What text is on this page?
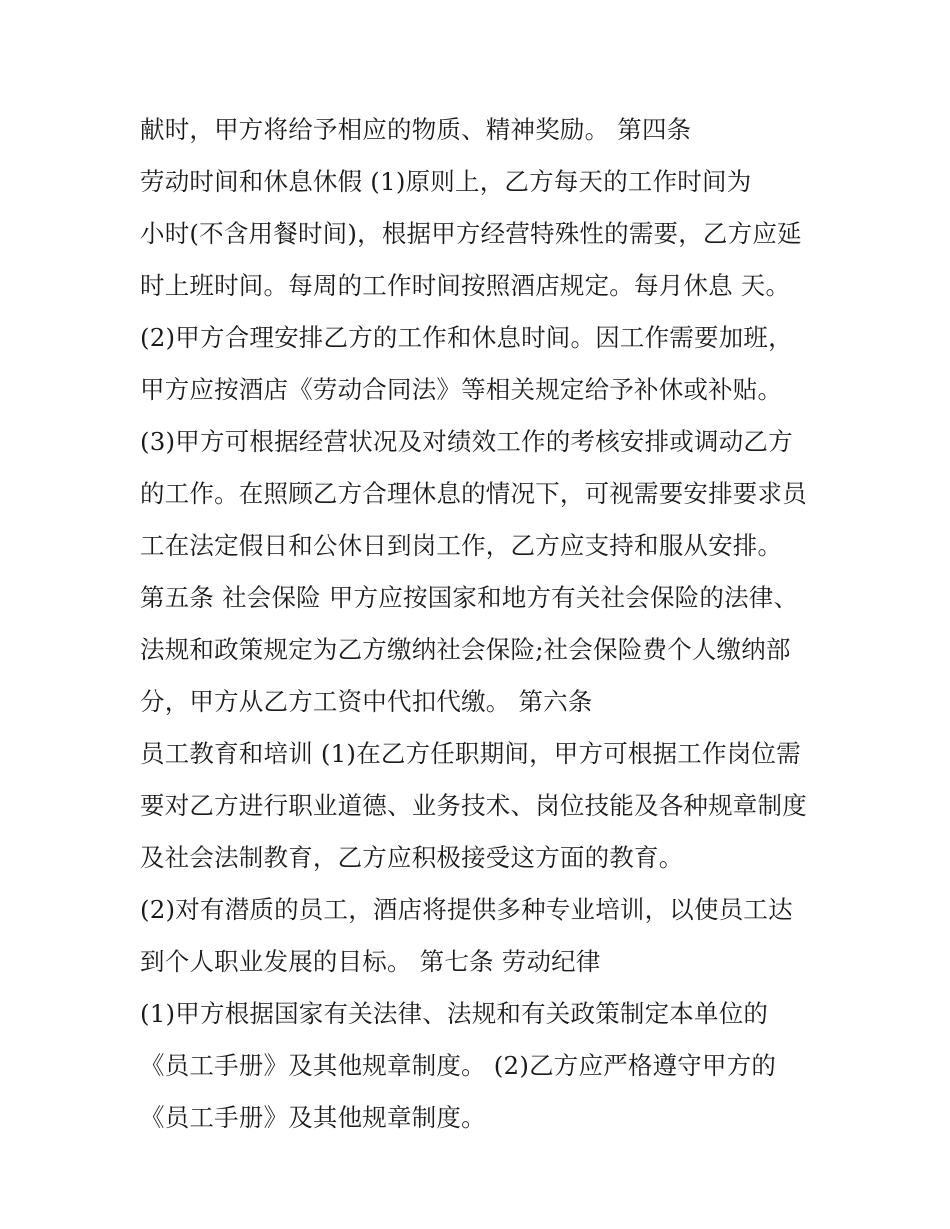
献时，甲方将给予相应的物质、精神奖励。 第四条
劳动时间和休息休假 (1)原则上，乙方每天的工作时间为
小时(不含用餐时间)，根据甲方经营特殊性的需要，乙方应延
时上班时间。每周的工作时间按照酒店规定。每月休息 天。
(2)甲方合理安排乙方的工作和休息时间。因工作需要加班，
甲方应按酒店《劳动合同法》等相关规定给予补休或补贴。
(3)甲方可根据经营状况及对绩效工作的考核安排或调动乙方
的工作。在照顾乙方合理休息的情况下，可视需要安排要求员
工在法定假日和公休日到岗工作，乙方应支持和服从安排。
第五条 社会保险 甲方应按国家和地方有关社会保险的法律、
法规和政策规定为乙方缴纳社会保险;社会保险费个人缴纳部
分，甲方从乙方工资中代扣代缴。 第六条
员工教育和培训 (1)在乙方任职期间，甲方可根据工作岗位需
要对乙方进行职业道德、业务技术、岗位技能及各种规章制度
及社会法制教育，乙方应积极接受这方面的教育。
(2)对有潜质的员工，酒店将提供多种专业培训，以使员工达
到个人职业发展的目标。 第七条 劳动纪律
(1)甲方根据国家有关法律、法规和有关政策制定本单位的
《员工手册》及其他规章制度。 (2)乙方应严格遵守甲方的
《员工手册》及其他规章制度。
